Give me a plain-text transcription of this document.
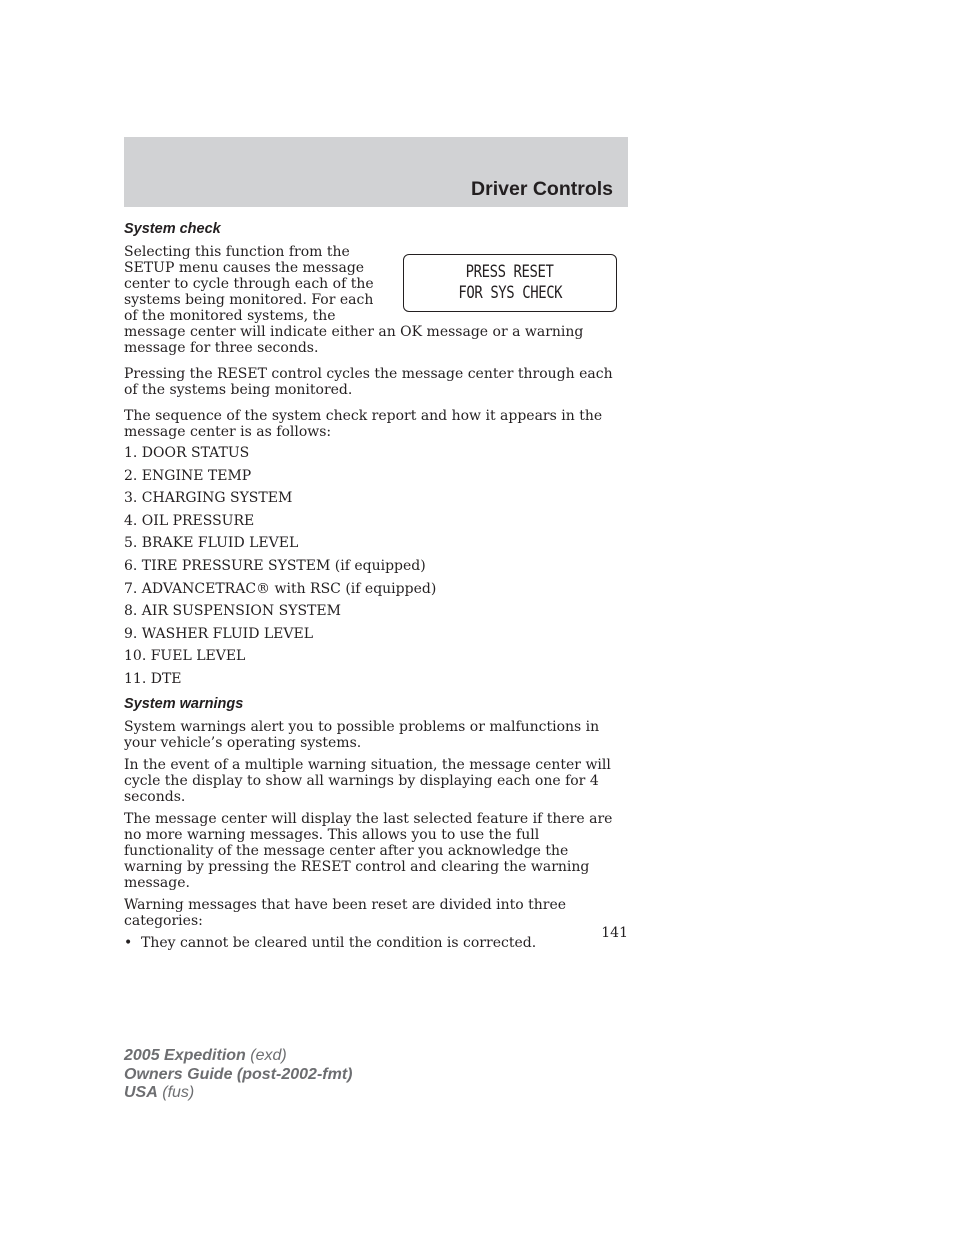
Driver Controls
System check
PRESS RESET
FOR SYS CHECK

Selecting this function from the SETUP menu causes the message center to cycle through each of the systems being monitored. For each of the monitored systems, the message center will indicate either an OK message or a warning message for three seconds.

Pressing the RESET control cycles the message center through each of the systems being monitored.

The sequence of the system check report and how it appears in the message center is as follows:

1. DOOR STATUS
2. ENGINE TEMP
3. CHARGING SYSTEM
4. OIL PRESSURE
5. BRAKE FLUID LEVEL
6. TIRE PRESSURE SYSTEM (if equipped)
7. ADVANCETRAC® with RSC (if equipped)
8. AIR SUSPENSION SYSTEM
9. WASHER FLUID LEVEL
10. FUEL LEVEL
11. DTE
System warnings

System warnings alert you to possible problems or malfunctions in your vehicle’s operating systems.

In the event of a multiple warning situation, the message center will cycle the display to show all warnings by displaying each one for 4 seconds.

The message center will display the last selected feature if there are no more warning messages. This allows you to use the full functionality of the message center after you acknowledge the warning by pressing the RESET control and clearing the warning message.

Warning messages that have been reset are divided into three categories:

• They cannot be cleared until the condition is corrected.
141
2005 Expedition (exd)
Owners Guide (post-2002-fmt)
USA (fus)
